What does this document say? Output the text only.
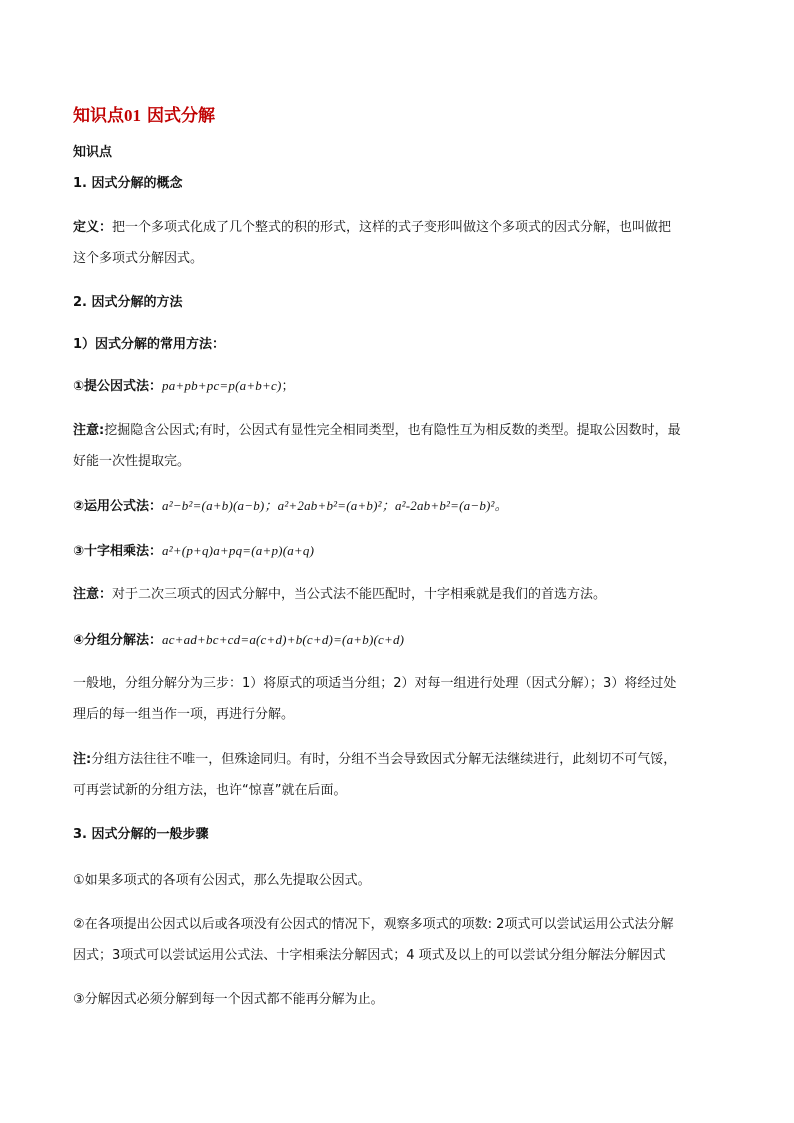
知识点01 因式分解
知识点
1. 因式分解的概念
定义：把一个多项式化成了几个整式的积的形式，这样的式子变形叫做这个多项式的因式分解，也叫做把
这个多项式分解因式。
2. 因式分解的方法
1）因式分解的常用方法：
①提公因式法：pa+pb+pc=p(a+b+c)；
注意:挖掘隐含公因式;有时，公因式有显性完全相同类型，也有隐性互为相反数的类型。提取公因数时，最
好能一次性提取完。
②运用公式法：a²−b²=(a+b)(a−b)；a²+2ab+b²=(a+b)²；a²-2ab+b²=(a−b)²。
③十字相乘法：a²+(p+q)a+pq=(a+p)(a+q)
注意：对于二次三项式的因式分解中，当公式法不能匹配时，十字相乘就是我们的首选方法。
④分组分解法：ac+ad+bc+cd=a(c+d)+b(c+d)=(a+b)(c+d)
一般地，分组分解分为三步：1）将原式的项适当分组；2）对每一组进行处理（因式分解）；3）将经过处
理后的每一组当作一项，再进行分解。
注:分组方法往往不唯一，但殊途同归。有时，分组不当会导致因式分解无法继续进行，此刻切不可气馁，
可再尝试新的分组方法，也许“惊喜”就在后面。
3. 因式分解的一般步骤
①如果多项式的各项有公因式，那么先提取公因式。
②在各项提出公因式以后或各项没有公因式的情况下，观察多项式的项数: 2项式可以尝试运用公式法分解
因式；3项式可以尝试运用公式法、十字相乘法分解因式；4 项式及以上的可以尝试分组分解法分解因式
③分解因式必须分解到每一个因式都不能再分解为止。
